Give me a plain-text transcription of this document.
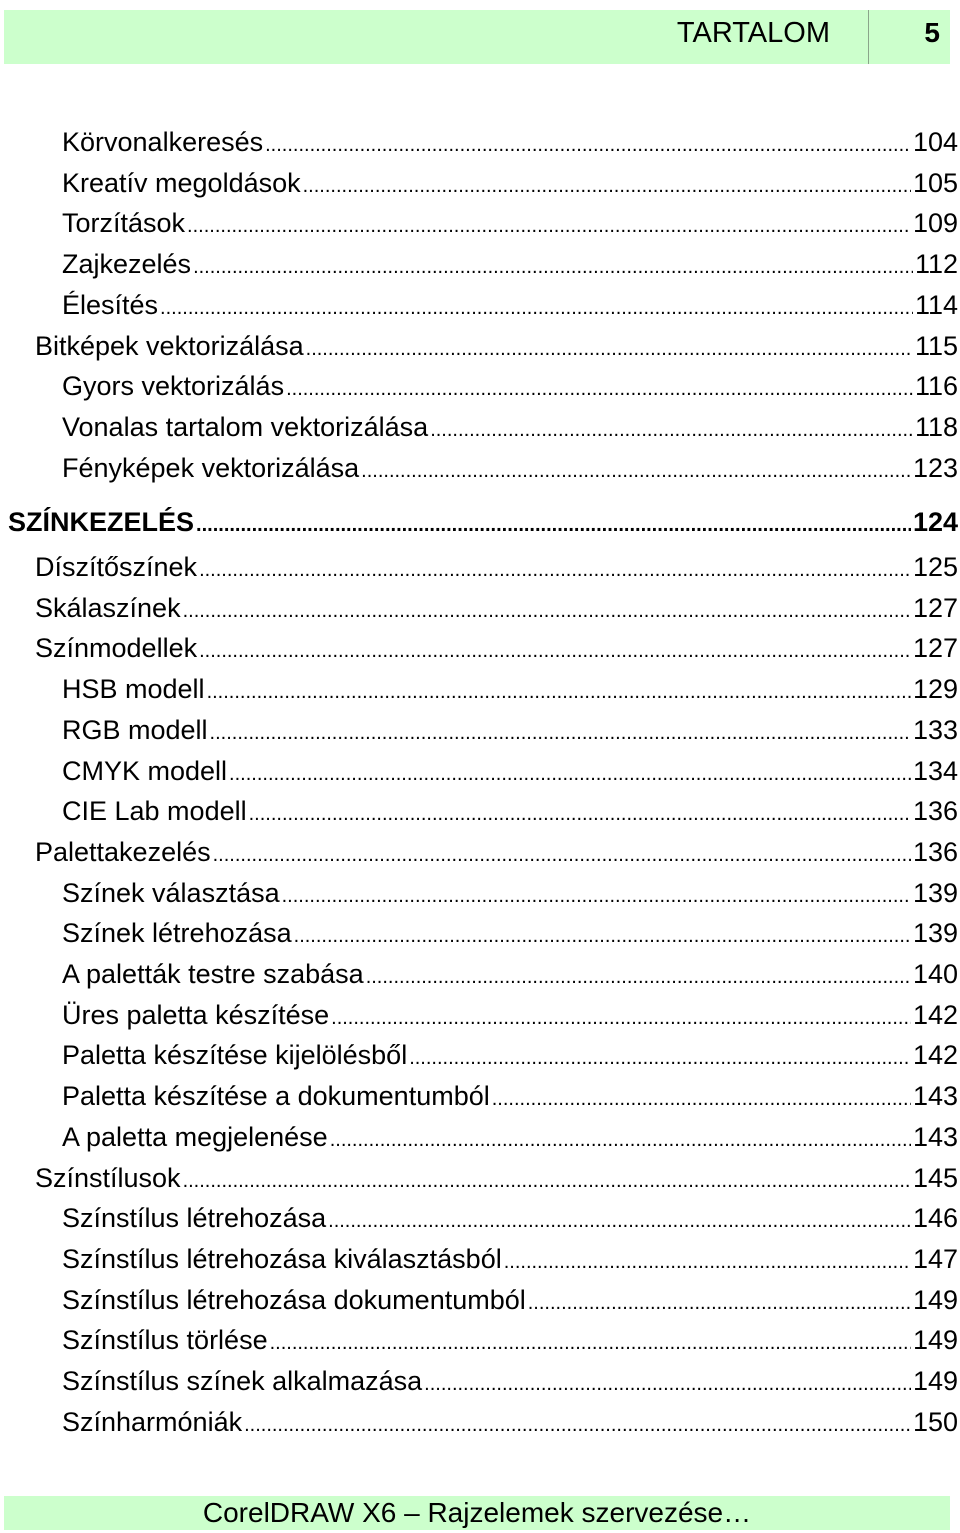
TARTALOM	5
Körvonalkeresés .....	104
Kreatív megoldások .....	105
Torzítások .....	109
Zajkezelés .....	112
Élesítés .....	114
Bitképek vektorizálása .....	115
Gyors vektorizálás .....	116
Vonalas tartalom vektorizálása .....	118
Fényképek vektorizálása .....	123
SZÍNKEZELÉS .....	124
Díszítőszínek .....	125
Skálaszínek .....	127
Színmodellek .....	127
HSB modell .....	129
RGB modell .....	133
CMYK modell .....	134
CIE Lab modell .....	136
Palettakezelés .....	136
Színek választása .....	139
Színek létrehozása .....	139
A paletták testre szabása .....	140
Üres paletta készítése .....	142
Paletta készítése kijelölésből .....	142
Paletta készítése a dokumentumból .....	143
A paletta megjelenése .....	143
Színstílusok .....	145
Színstílus létrehozása .....	146
Színstílus létrehozása kiválasztásból .....	147
Színstílus létrehozása dokumentumból .....	149
Színstílus törlése .....	149
Színstílus színek alkalmazása .....	149
Színharmóniák .....	150
CorelDRAW X6 – Rajzelemek szervezése…
